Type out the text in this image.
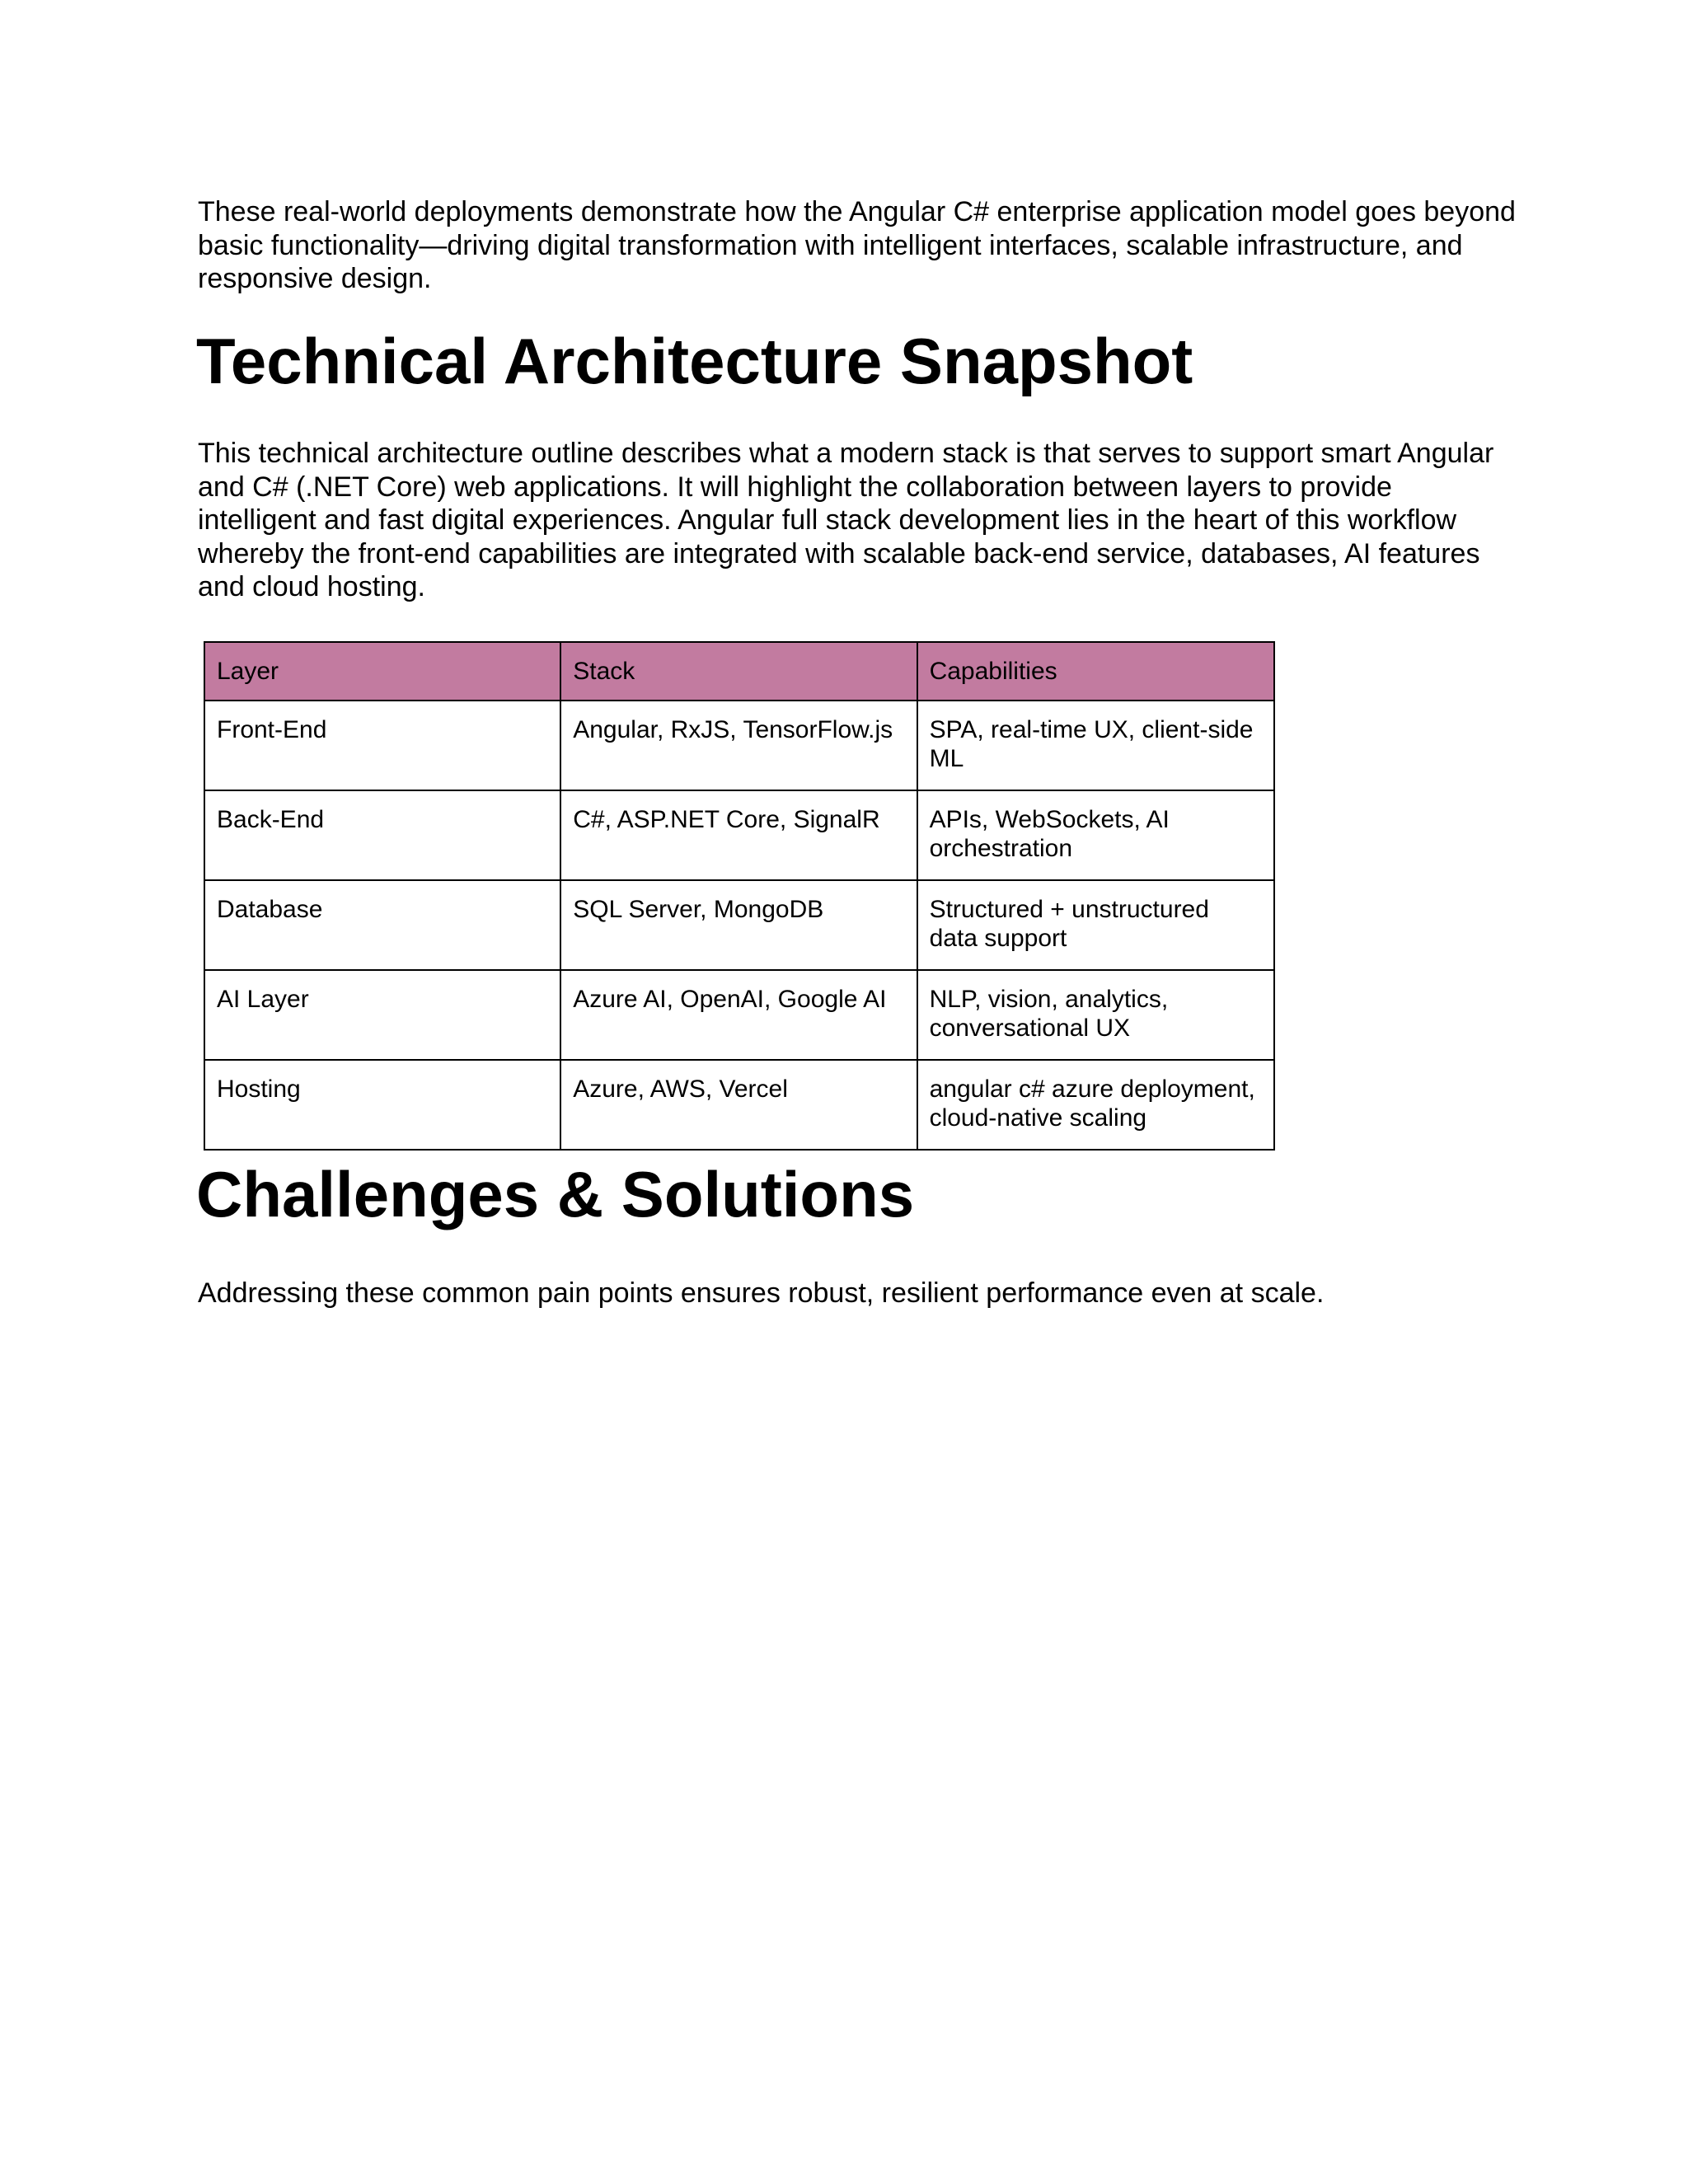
These real-world deployments demonstrate how the Angular C# enterprise application model goes beyond basic functionality—driving digital transformation with intelligent interfaces, scalable infrastructure, and responsive design.

Technical Architecture Snapshot

This technical architecture outline describes what a modern stack is that serves to support smart Angular and C# (.NET Core) web applications. It will highlight the collaboration between layers to provide intelligent and fast digital experiences. Angular full stack development lies in the heart of this workflow whereby the front-end capabilities are integrated with scalable back-end service, databases, AI features and cloud hosting.

Layer	Stack	Capabilities
Front-End	Angular, RxJS, TensorFlow.js	SPA, real-time UX, client-side ML
Back-End	C#, ASP.NET Core, SignalR	APIs, WebSockets, AI orchestration
Database	SQL Server, MongoDB	Structured + unstructured data support
AI Layer	Azure AI, OpenAI, Google AI	NLP, vision, analytics, conversational UX
Hosting	Azure, AWS, Vercel	angular c# azure deployment, cloud-native scaling
Challenges & Solutions

Addressing these common pain points ensures robust, resilient performance even at scale.
